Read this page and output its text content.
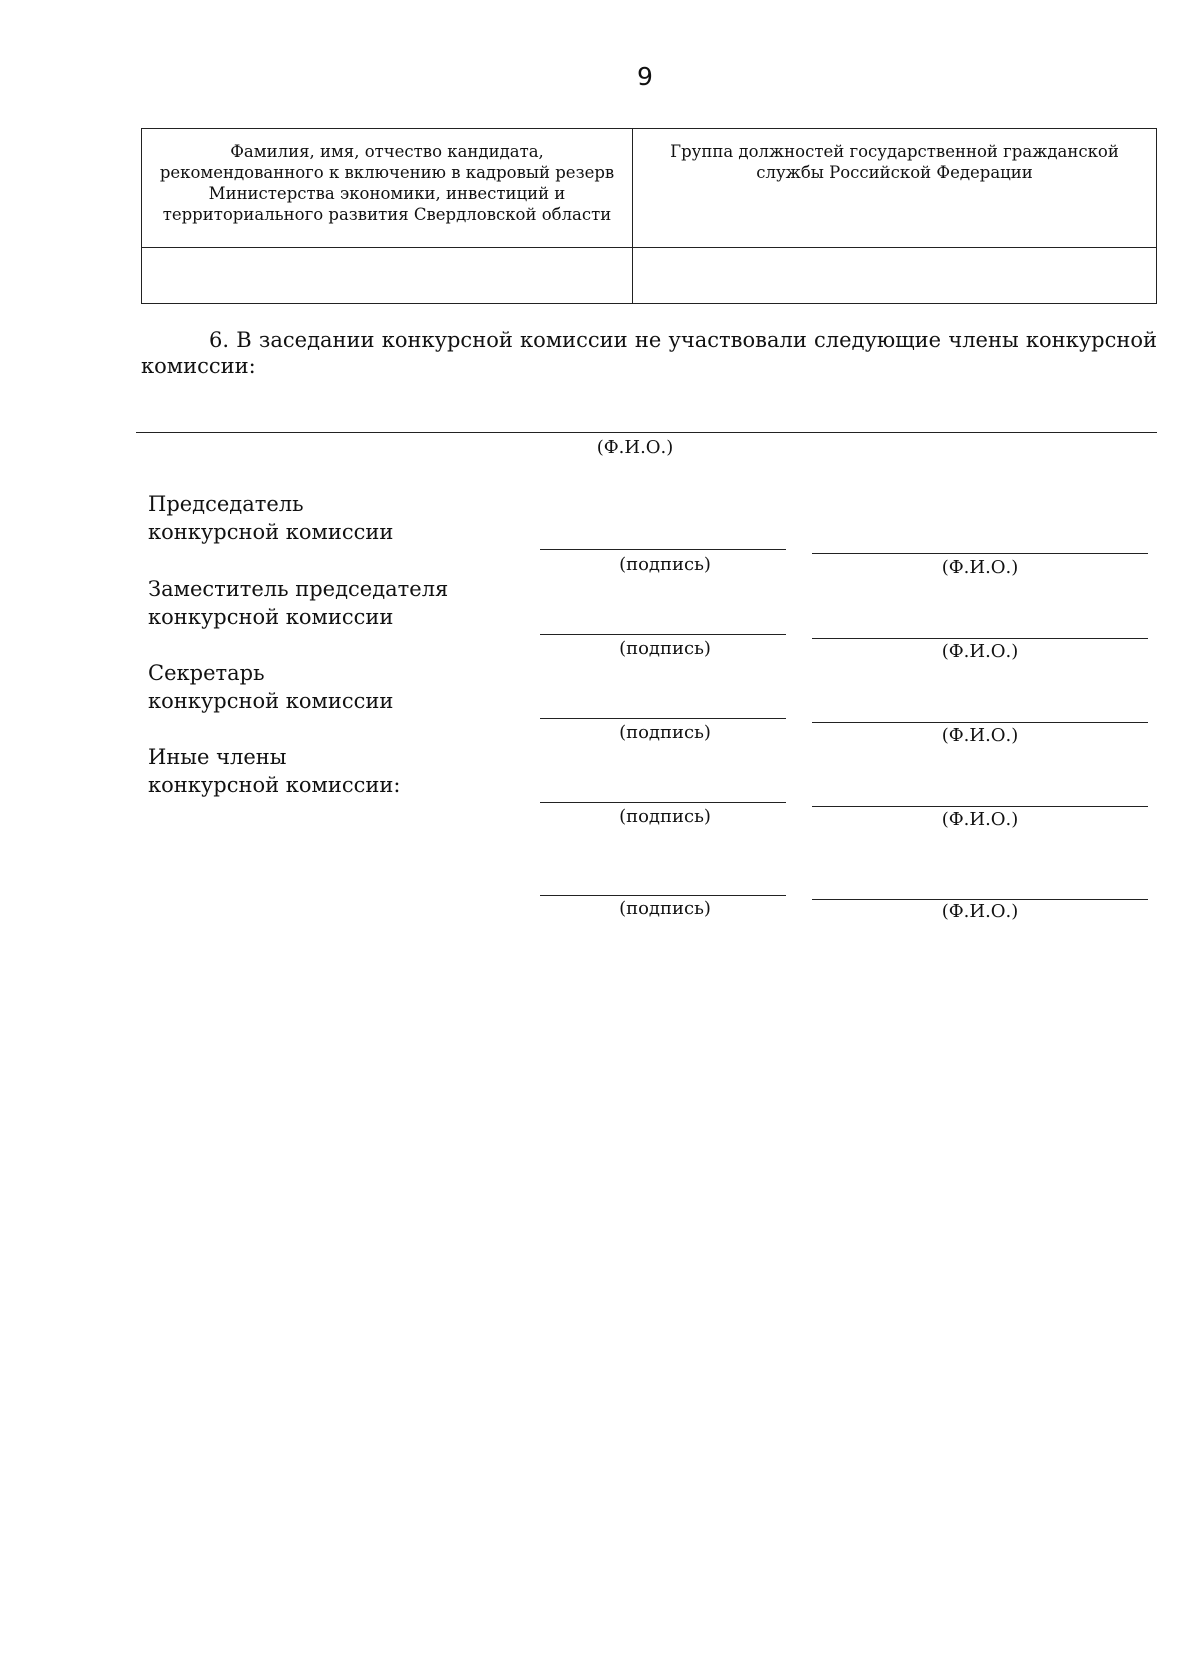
9
Фамилия, имя, отчество кандидата, рекомендованного к включению в кадровый резерв Министерства экономики, инвестиций и территориального развития Свердловской области	Группа должностей государственной гражданской службы Российской Федерации

6. В заседании конкурсной комиссии не участвовали следующие члены конкурсной комиссии:
(Ф.И.О.)
Председатель
конкурсной комиссии
(подпись)	(Ф.И.О.)
Заместитель председателя
конкурсной комиссии
(подпись)	(Ф.И.О.)
Секретарь
конкурсной комиссии
(подпись)	(Ф.И.О.)
Иные члены
конкурсной комиссии:
(подпись)	(Ф.И.О.)
(подпись)	(Ф.И.О.)
